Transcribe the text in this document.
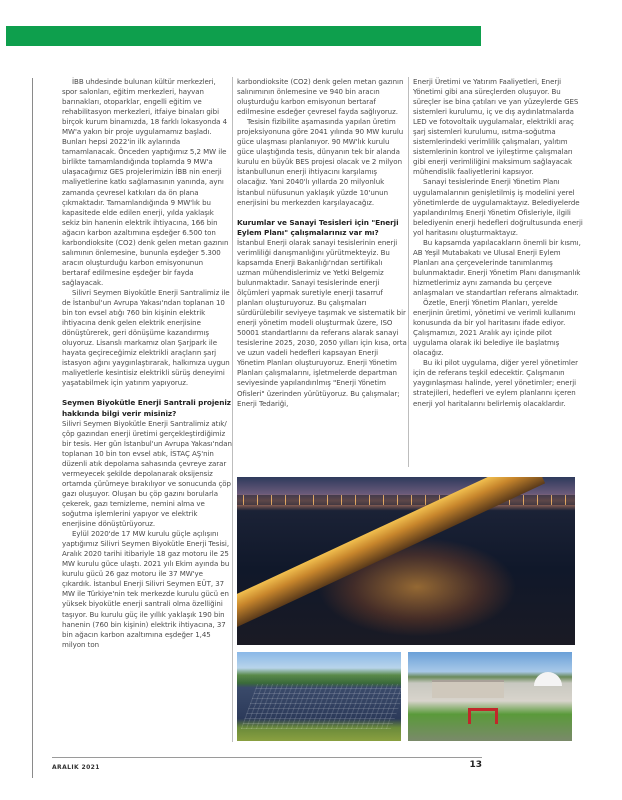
İBB uhdesinde bulunan kültür merkezleri, spor salonları, eğitim merkezleri, hayvan barınakları, otoparklar, engelli eğitim ve rehabilitasyon merkezleri, itfaiye binaları gibi birçok kurum binamızda, 18 farklı lokasyonda 4 MW'a yakın bir proje uygulamamız başladı. Bunları hepsi 2022'in ilk aylarında tamamlanacak. Önceden yaptığımız 5,2 MW ile birlikte tamamlandığında toplamda 9 MW'a ulaşacağımız GES projelerimizin İBB nin enerji maliyetlerine katkı sağlamasının yanında, aynı zamanda çevresel katkıları da ön plana çıkmaktadır. Tamamlandığında 9 MW'lık bu kapasitede elde edilen enerji, yılda yaklaşık sekiz bin hanenin elektrik ihtiyacına, 166 bin ağacın karbon azaltımına eşdeğer 6.500 ton karbondioksite (CO2) denk gelen metan gazının salımının önlemesine, bununla eşdeğer 5.300 aracın oluşturduğu karbon emisyonunun bertaraf edilmesine eşdeğer bir fayda sağlayacak.

Silivri Seymen Biyokütle Enerji Santralimiz ile de İstanbul'un Avrupa Yakası'ndan toplanan 10 bin ton evsel atığı 760 bin kişinin elektrik ihtiyacına denk gelen elektrik enerjisine dönüştürerek, geri dönüşüme kazandırmış oluyoruz. Lisanslı markamız olan Şarjpark ile hayata geçireceğimiz elektrikli araçların şarj istasyon ağını yaygınlaştırarak, halkımıza uygun maliyetlerle kesintisiz elektrikli sürüş deneyimi yaşatabilmek için yatırım yapıyoruz.

Seymen Biyokütle Enerji Santrali projeniz hakkında bilgi verir misiniz?

Silivri Seymen Biyokütle Enerji Santralimiz atık/çöp gazından enerji üretimi gerçekleştirdiğimiz bir tesis. Her gün İstanbul'un Avrupa Yakası'ndan toplanan 10 bin ton evsel atık, İSTAÇ AŞ'nin düzenli atık depolama sahasında çevreye zarar vermeyecek şekilde depolanarak oksijensiz ortamda çürümeye bırakılıyor ve sonucunda çöp gazı oluşuyor. Oluşan bu çöp gazını borularla çekerek, gazı temizleme, nemini alma ve soğutma işlemlerini yapıyor ve elektrik enerjisine dönüştürüyoruz.

Eylül 2020'de 17 MW kurulu güçle açılışını yaptığımız Silivri Seymen Biyokütle Enerji Tesisi, Aralık 2020 tarihi itibariyle 18 gaz motoru ile 25 MW kurulu güce ulaştı. 2021 yılı Ekim ayında bu kurulu gücü 26 gaz motoru ile 37 MW'ye çıkardık. İstanbul Enerji Silivri Seymen EÜT, 37 MW ile Türkiye'nin tek merkezde kurulu gücü en yüksek biyokütle enerji santrali olma özelliğini taşıyor. Bu kurulu güç ile yıllık yaklaşık 190 bin hanenin (760 bin kişinin) elektrik ihtiyacına, 37 bin ağacın karbon azaltımına eşdeğer 1,45 milyon ton

karbondioksite (CO2) denk gelen metan gazının salınımının önlemesine ve 940 bin aracın oluşturduğu karbon emisyonun bertaraf edilmesine esdeğer çevresel fayda sağlıyoruz.

Tesisin fizibilite aşamasında yapılan üretim projeksiyonuna göre 2041 yılında 90 MW kurulu güce ulaşması planlanıyor. 90 MW'lık kurulu güce ulaştığında tesis, dünyanın tek bir alanda kurulu en büyük BES projesi olacak ve 2 milyon İstanbullunun enerji ihtiyacını karşılamış olacağız. Yani 2040'lı yıllarda 20 milyonluk İstanbul nüfusunun yaklaşık yüzde 10'unun enerjisini bu merkezden karşılayacağız.

Kurumlar ve Sanayi Tesisleri için "Enerji Eylem Planı" çalışmalarınız var mı?

İstanbul Enerji olarak sanayi tesislerinin enerji verimliliği danışmanlığını yürütmekteyiz. Bu kapsamda Enerji Bakanlığı'ndan sertifikalı uzman mühendislerimiz ve Yetki Belgemiz bulunmaktadır. Sanayi tesislerinde enerji ölçümleri yapmak suretiyle enerji tasarruf planları oluşturuyoruz. Bu çalışmaları sürdürülebilir seviyeye taşımak ve sistematik bir enerji yönetim modeli oluşturmak üzere, ISO 50001 standartlarını da referans alarak sanayi tesislerine 2025, 2030, 2050 yılları için kısa, orta ve uzun vadeli hedefleri kapsayan Enerji Yönetim Planları oluşturuyoruz. Enerji Yönetim Planları çalışmalarını, işletmelerde departman seviyesinde yapılandırılmış "Enerji Yönetim Ofisleri" üzerinden yürütüyoruz. Bu çalışmalar; Enerji Tedariği,

Enerji Üretimi ve Yatırım Faaliyetleri, Enerji Yönetimi gibi ana süreçlerden oluşuyor. Bu süreçler ise bina çatıları ve yan yüzeylerde GES sistemleri kurulumu, iç ve dış aydınlatmalarda LED ve fotovoltaik uygulamalar, elektrikli araç şarj sistemleri kurulumu, ısıtma-soğutma sistemlerindeki verimlilik çalışmaları, yalıtım sistemlerinin kontrol ve iyileştirme çalışmaları gibi enerji verimliliğini maksimum sağlayacak mühendislik faaliyetlerini kapsıyor.

Sanayi tesislerinde Enerji Yönetim Planı uygulamalarının genişletilmiş iş modelini yerel yönetimlerde de uygulamaktayız. Belediyelerde yapılandırılmış Enerji Yönetim Ofisleriyle, ilgili belediyenin enerji hedefleri doğrultusunda enerji yol haritasını oluşturmaktayız.

Bu kapsamda yapılacakların önemli bir kısmı, AB Yeşil Mutabakatı ve Ulusal Enerji Eylem Planları ana çerçevelerinde tanımlanmış bulunmaktadır. Enerji Yönetim Planı danışmanlık hizmetlerimiz aynı zamanda bu çerçeve anlaşmaları ve standartları referans almaktadır.

Özetle, Enerji Yönetim Planları, yerelde enerjinin üretimi, yönetimi ve verimli kullanımı konusunda da bir yol haritasını ifade ediyor. Çalışmamızı, 2021 Aralık ayı içinde pilot uygulama olarak iki belediye ile başlatmış olacağız.

Bu iki pilot uygulama, diğer yerel yönetimler için de referans teşkil edecektir. Çalışmanın yaygınlaşması halinde, yerel yönetimler; enerji stratejileri, hedefleri ve eylem planlarını içeren enerji yol haritalarını belirlemiş olacaklardır.

ARALIK 2021	13
